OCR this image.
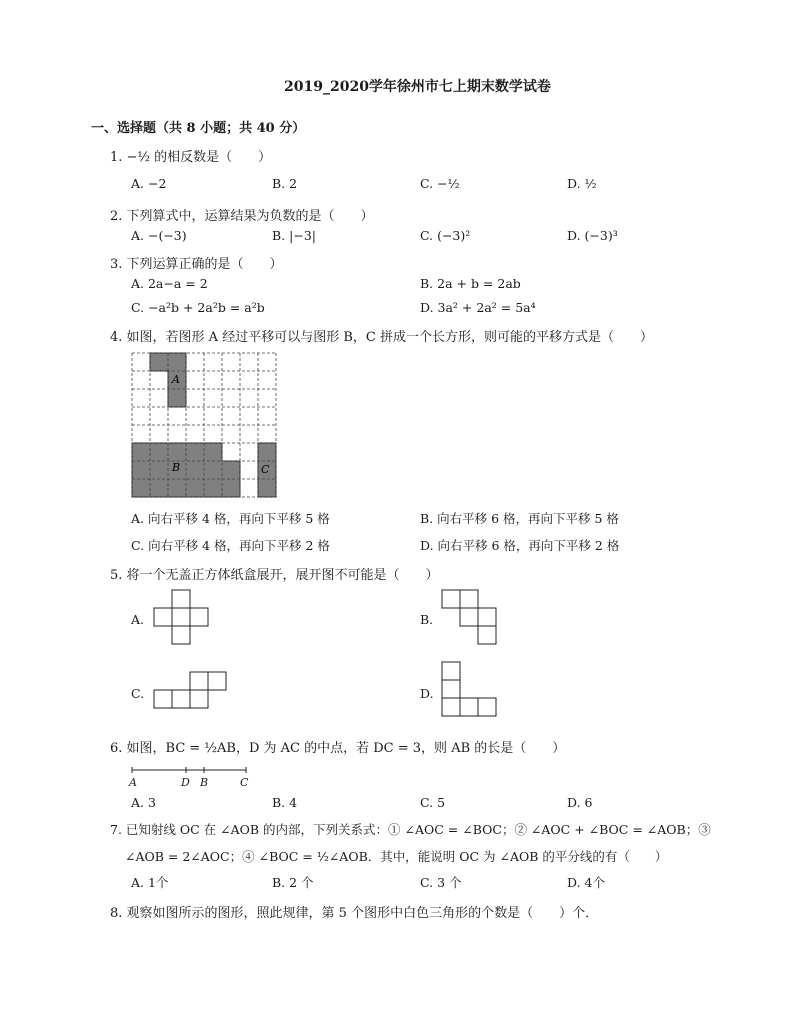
2019_2020学年徐州市七上期末数学试卷
一、选择题（共 8 小题；共 40 分）
1. −½ 的相反数是（　　）
A. −2	B. 2	C. −½	D. ½
2. 下列算式中，运算结果为负数的是（　　）
A. −(−3)	B. |−3|	C. (−3)²	D. (−3)³
3. 下列运算正确的是（　　）
A. 2a−a = 2	B. 2a + b = 2ab
C. −a²b + 2a²b = a²b	D. 3a² + 2a² = 5a⁴
4. 如图，若图形 A 经过平移可以与图形 B，C 拼成一个长方形，则可能的平移方式是（　　）
A
B	C
A. 向右平移 4 格，再向下平移 5 格	B. 向右平移 6 格，再向下平移 5 格
C. 向右平移 4 格，再向下平移 2 格	D. 向右平移 6 格，再向下平移 2 格
5. 将一个无盖正方体纸盒展开，展开图不可能是（　　）
A.	B.
C.	D.
6. 如图，BC = ½AB，D 为 AC 的中点，若 DC = 3，则 AB 的长是（　　）
A	D B	C
A. 3	B. 4	C. 5	D. 6
7. 已知射线 OC 在 ∠AOB 的内部，下列关系式：① ∠AOC = ∠BOC；② ∠AOC + ∠BOC = ∠AOB；③
∠AOB = 2∠AOC；④ ∠BOC = ½∠AOB．其中，能说明 OC 为 ∠AOB 的平分线的有（　　）
A. 1个	B. 2 个	C. 3 个	D. 4个
8. 观察如图所示的图形，照此规律，第 5 个图形中白色三角形的个数是（　　）个．
